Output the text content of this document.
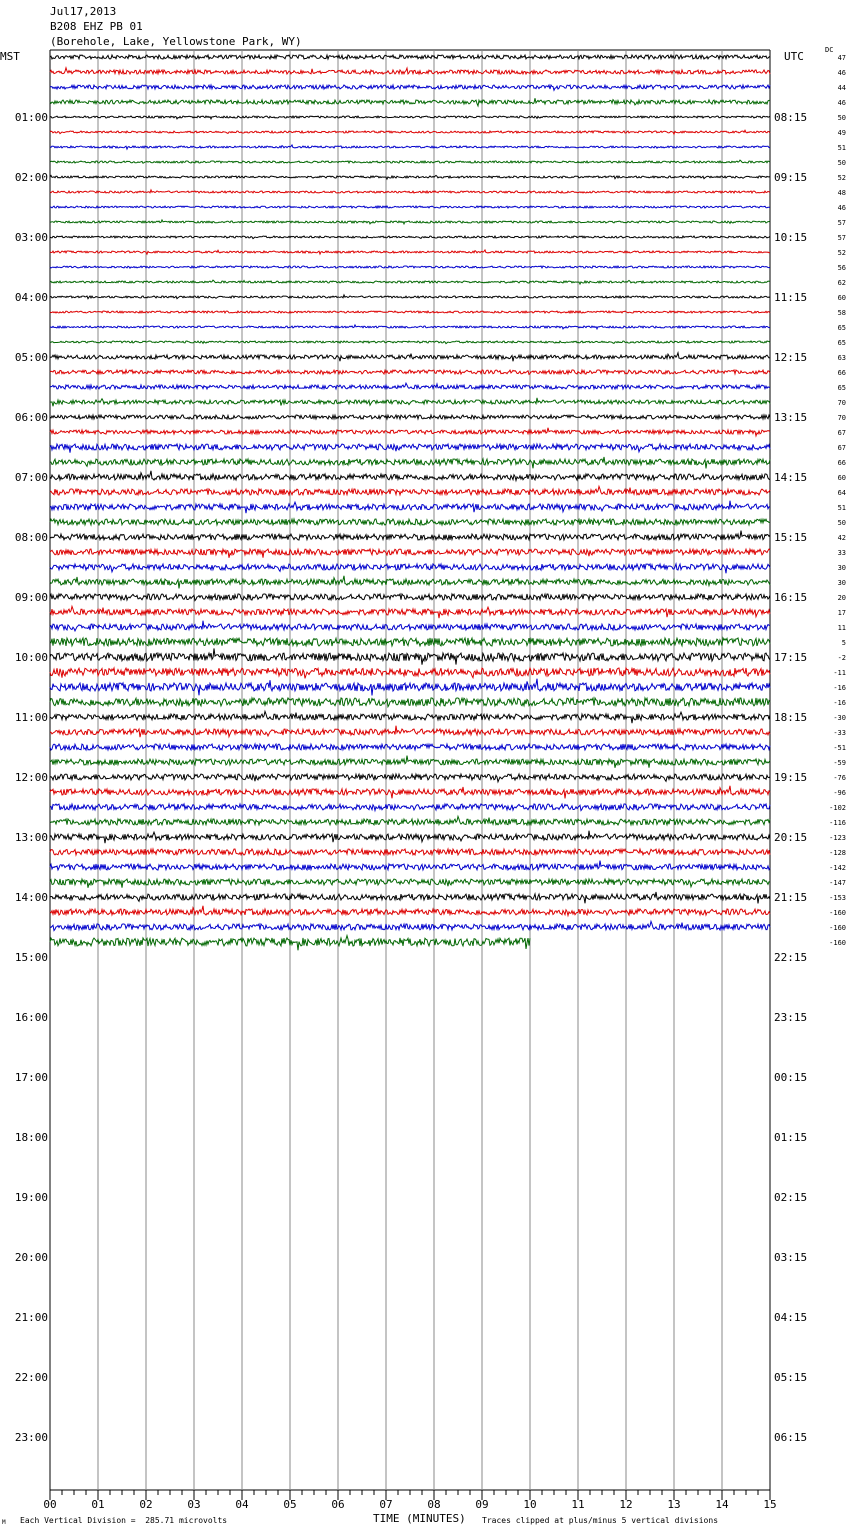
Jul17,2013
B208 EHZ PB 01
(Borehole, Lake, Yellowstone Park, WY)
MST	UTC	DC
00	01	02	03	04	05	06	07	08	09	10	11	12	13	14	15
47
46
44
46
50
49
51
50
52
48
46
57
57
52
56
62
60
58
65
65
63
66
65
70
70
67
67
66
60
64
51
50
42
33
30
30
20
17
11
5
-2
-11
-16
-16
-30
-33
-51
-59
-76
-96
-102
-116
-123
-128
-142
-147
-153
-160
-160
-160
01:00
02:00
03:00
04:00
05:00
06:00
07:00
08:00
09:00
10:00
11:00
12:00
13:00
14:00
15:00
16:00
17:00
18:00
19:00
20:00
21:00
22:00
23:00
08:15
09:15
10:15
11:15
12:15
13:15
14:15
15:15
16:15
17:15
18:15
19:15
20:15
21:15
22:15
23:15
00:15
01:15
02:15
03:15
04:15
05:15
06:15
M Each Vertical Division =  285.71 microvolts	TIME (MINUTES) Traces clipped at plus/minus 5 vertical divisions
